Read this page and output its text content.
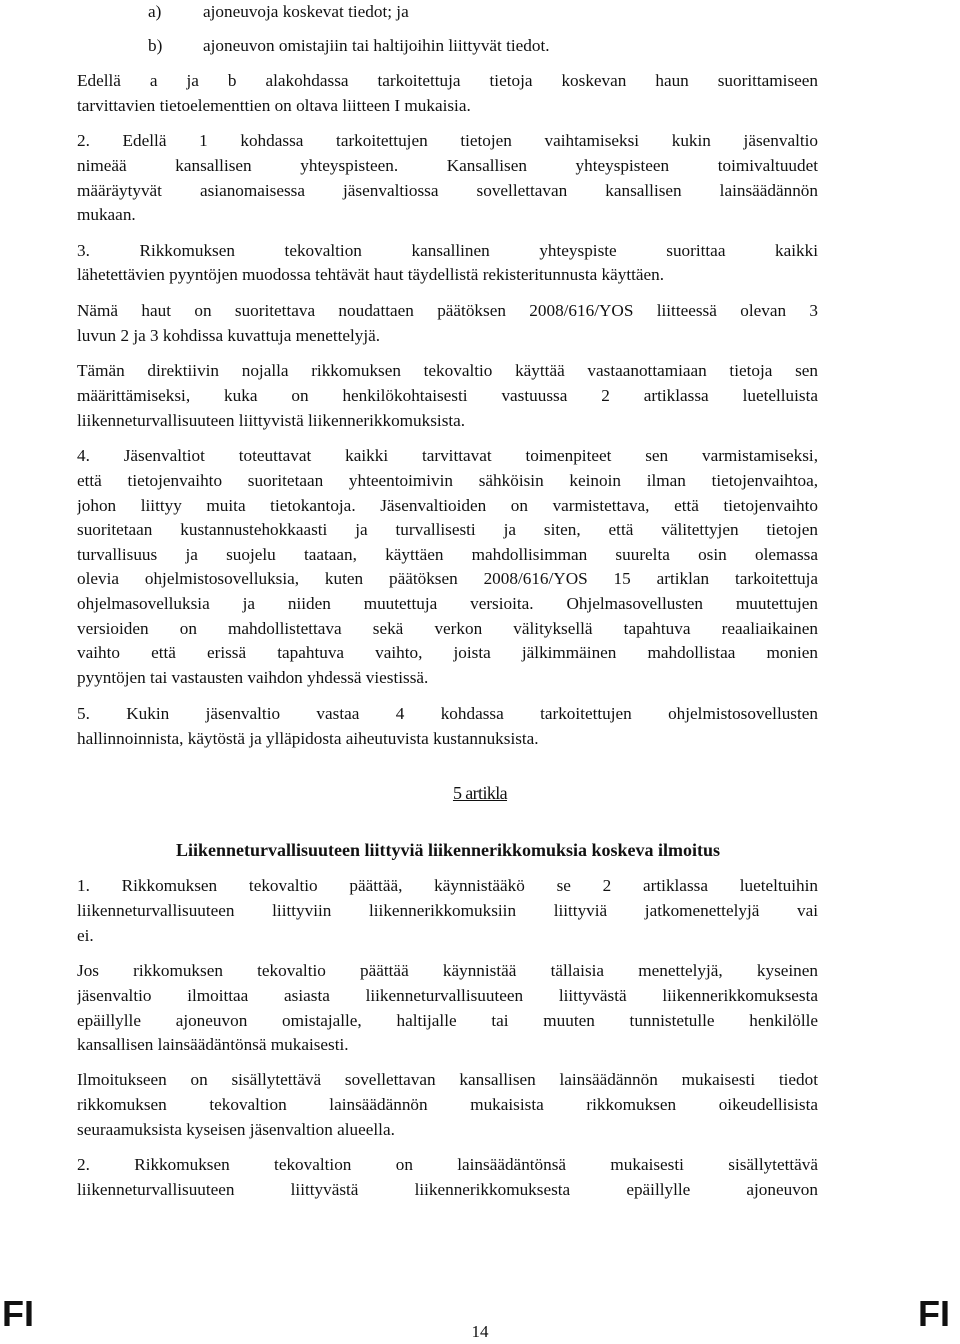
a) ajoneuvoja koskevat tiedot; ja
b) ajoneuvon omistajiin tai haltijoihin liittyvät tiedot.
Edellä a ja b alakohdassa tarkoitettuja tietoja koskevan haun suorittamiseen
tarvittavien tietoelementtien on oltava liitteen I mukaisia.
2. Edellä 1 kohdassa tarkoitettujen tietojen vaihtamiseksi kukin jäsenvaltio
nimeää kansallisen yhteyspisteen. Kansallisen yhteyspisteen toimivaltuudet
määräytyvät asianomaisessa jäsenvaltiossa sovellettavan kansallisen lainsäädännön
mukaan.
3. Rikkomuksen tekovaltion kansallinen yhteyspiste suorittaa kaikki
lähetettävien pyyntöjen muodossa tehtävät haut täydellistä rekisteritunnusta käyttäen.
Nämä haut on suoritettava noudattaen päätöksen 2008/616/YOS liitteessä olevan 3
luvun 2 ja 3 kohdissa kuvattuja menettelyjä.
Tämän direktiivin nojalla rikkomuksen tekovaltio käyttää vastaanottamiaan tietoja sen
määrittämiseksi, kuka on henkilökohtaisesti vastuussa 2 artiklassa luetelluista
liikenneturvallisuuteen liittyvistä liikennerikkomuksista.
4. Jäsenvaltiot toteuttavat kaikki tarvittavat toimenpiteet sen varmistamiseksi,
että tietojenvaihto suoritetaan yhteentoimivin sähköisin keinoin ilman tietojenvaihtoa,
johon liittyy muita tietokantoja. Jäsenvaltioiden on varmistettava, että tietojenvaihto
suoritetaan kustannustehokkaasti ja turvallisesti ja siten, että välitettyjen tietojen
turvallisuus ja suojelu taataan, käyttäen mahdollisimman suurelta osin olemassa
olevia ohjelmistosovelluksia, kuten päätöksen 2008/616/YOS 15 artiklan tarkoitettuja
ohjelmasovelluksia ja niiden muutettuja versioita. Ohjelmasovellusten muutettujen
versioiden on mahdollistettava sekä verkon välityksellä tapahtuva reaaliaikainen
vaihto että erissä tapahtuva vaihto, joista jälkimmäinen mahdollistaa monien
pyyntöjen tai vastausten vaihdon yhdessä viestissä.
5. Kukin jäsenvaltio vastaa 4 kohdassa tarkoitettujen ohjelmistosovellusten
hallinnoinnista, käytöstä ja ylläpidosta aiheutuvista kustannuksista.
5 artikla
Liikenneturvallisuuteen liittyviä liikennerikkomuksia koskeva ilmoitus
1. Rikkomuksen tekovaltio päättää, käynnistääkö se 2 artiklassa lueteltuihin
liikenneturvallisuuteen liittyviin liikennerikkomuksiin liittyviä jatkomenettelyjä vai
ei.
Jos rikkomuksen tekovaltio päättää käynnistää tällaisia menettelyjä, kyseinen
jäsenvaltio ilmoittaa asiasta liikenneturvallisuuteen liittyvästä liikennerikkomuksesta
epäillylle ajoneuvon omistajalle, haltijalle tai muuten tunnistetulle henkilölle
kansallisen lainsäädäntönsä mukaisesti.
Ilmoitukseen on sisällytettävä sovellettavan kansallisen lainsäädännön mukaisesti tiedot
rikkomuksen tekovaltion lainsäädännön mukaisista rikkomuksen oikeudellisista
seuraamuksista kyseisen jäsenvaltion alueella.
2. Rikkomuksen tekovaltion on lainsäädäntönsä mukaisesti sisällytettävä
liikenneturvallisuuteen liittyvästä liikennerikkomuksesta epäillylle ajoneuvon
FI	14	FI
